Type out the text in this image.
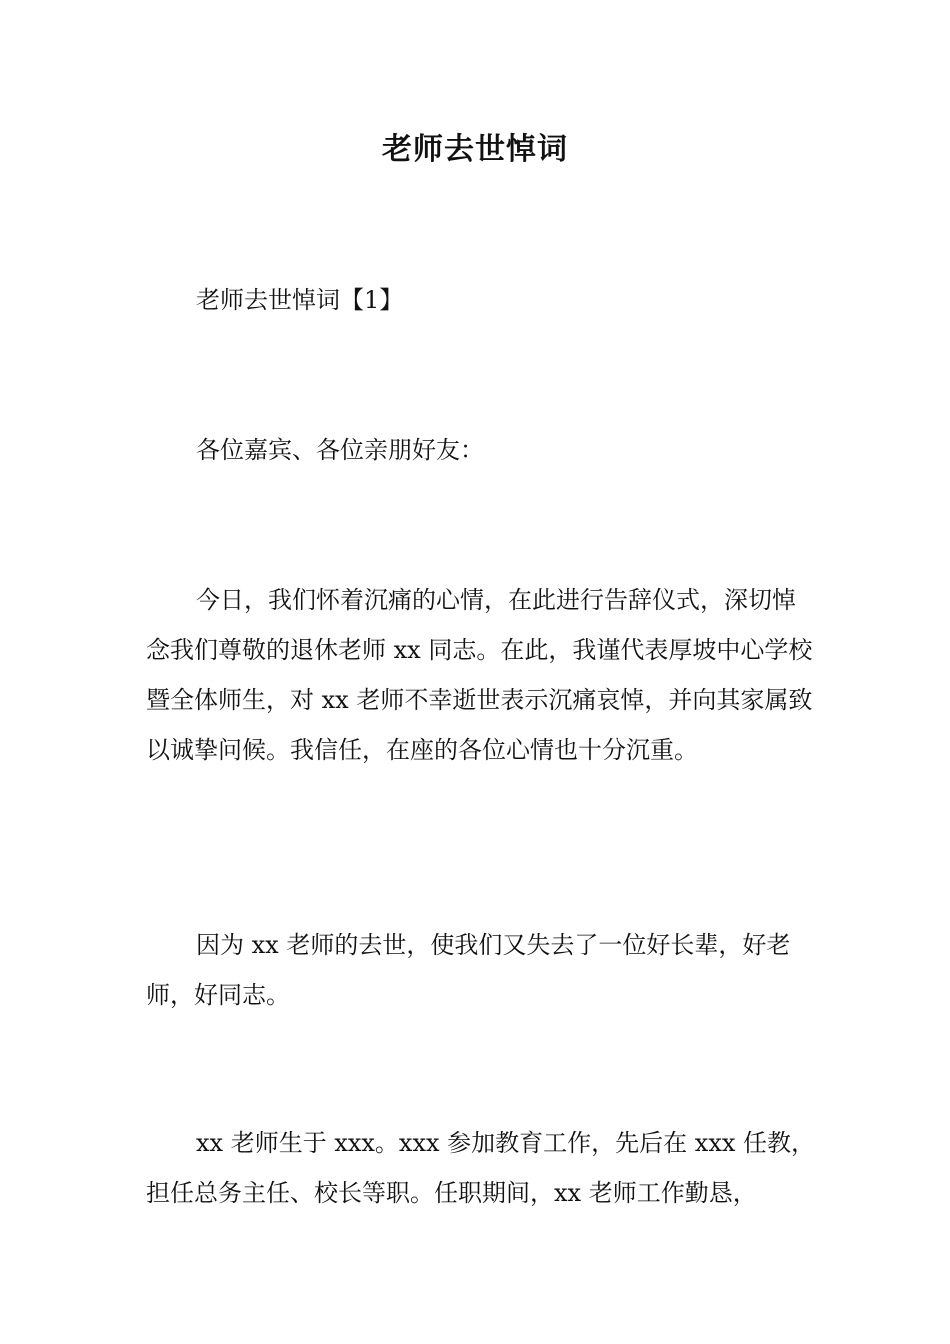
老师去世悼词

老师去世悼词【1】

各位嘉宾、各位亲朋好友：

今日，我们怀着沉痛的心情，在此进行告辞仪式，深切悼念我们尊敬的退休老师 xx 同志。在此，我谨代表厚坡中心学校暨全体师生，对 xx 老师不幸逝世表示沉痛哀悼，并向其家属致以诚挚问候。我信任，在座的各位心情也十分沉重。

因为 xx 老师的去世，使我们又失去了一位好长辈，好老师，好同志。

xx 老师生于 xxx。xxx 参加教育工作，先后在 xxx 任教，担任总务主任、校长等职。任职期间，xx 老师工作勤恳，
